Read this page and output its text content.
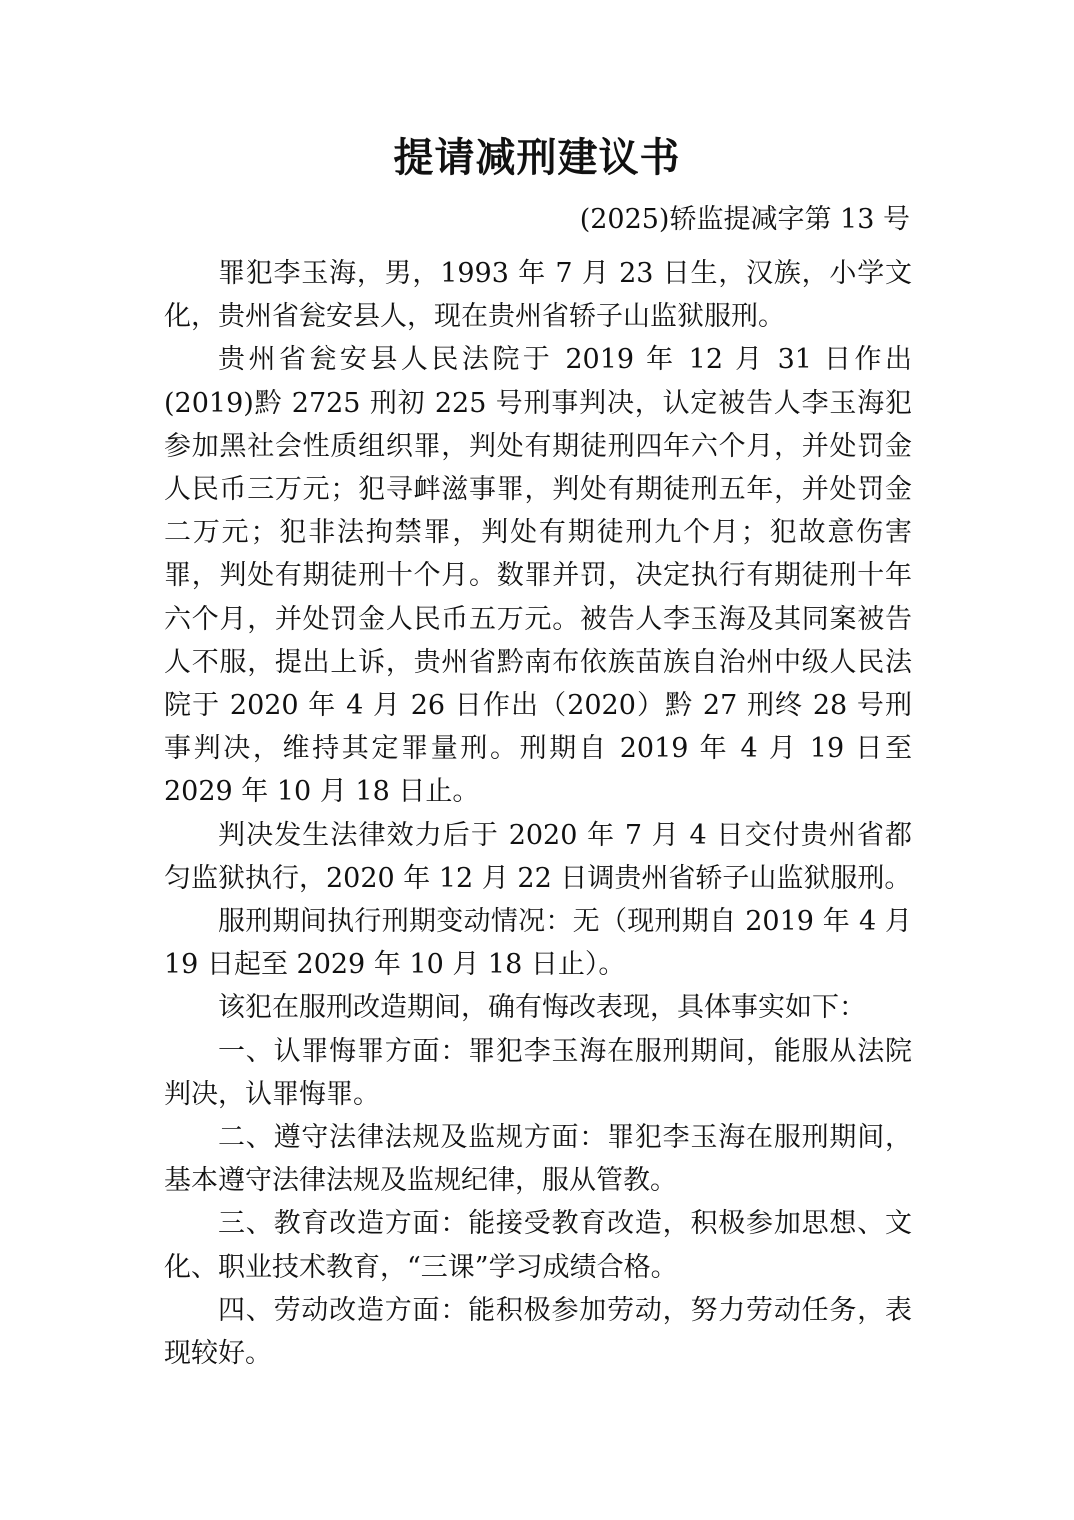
提请减刑建议书
(2025)轿监提减字第 13 号

罪犯李玉海，男，1993 年 7 月 23 日生，汉族，小学文化，贵州省瓮安县人，现在贵州省轿子山监狱服刑。

贵州省瓮安县人民法院于 2019 年 12 月 31 日作出(2019)黔 2725 刑初 225 号刑事判决，认定被告人李玉海犯参加黑社会性质组织罪，判处有期徒刑四年六个月，并处罚金人民币三万元；犯寻衅滋事罪，判处有期徒刑五年，并处罚金二万元；犯非法拘禁罪，判处有期徒刑九个月；犯故意伤害罪，判处有期徒刑十个月。数罪并罚，决定执行有期徒刑十年六个月，并处罚金人民币五万元。被告人李玉海及其同案被告人不服，提出上诉，贵州省黔南布依族苗族自治州中级人民法院于 2020 年 4 月 26 日作出（2020）黔 27 刑终 28 号刑事判决，维持其定罪量刑。刑期自 2019 年 4 月 19 日至 2029 年 10 月 18 日止。

判决发生法律效力后于 2020 年 7 月 4 日交付贵州省都匀监狱执行，2020 年 12 月 22 日调贵州省轿子山监狱服刑。

服刑期间执行刑期变动情况：无（现刑期自 2019 年 4 月 19 日起至 2029 年 10 月 18 日止）。

该犯在服刑改造期间，确有悔改表现，具体事实如下：

一、认罪悔罪方面：罪犯李玉海在服刑期间，能服从法院判决，认罪悔罪。

二、遵守法律法规及监规方面：罪犯李玉海在服刑期间，基本遵守法律法规及监规纪律，服从管教。

三、教育改造方面：能接受教育改造，积极参加思想、文化、职业技术教育，“三课”学习成绩合格。

四、劳动改造方面：能积极参加劳动，努力劳动任务，表现较好。
